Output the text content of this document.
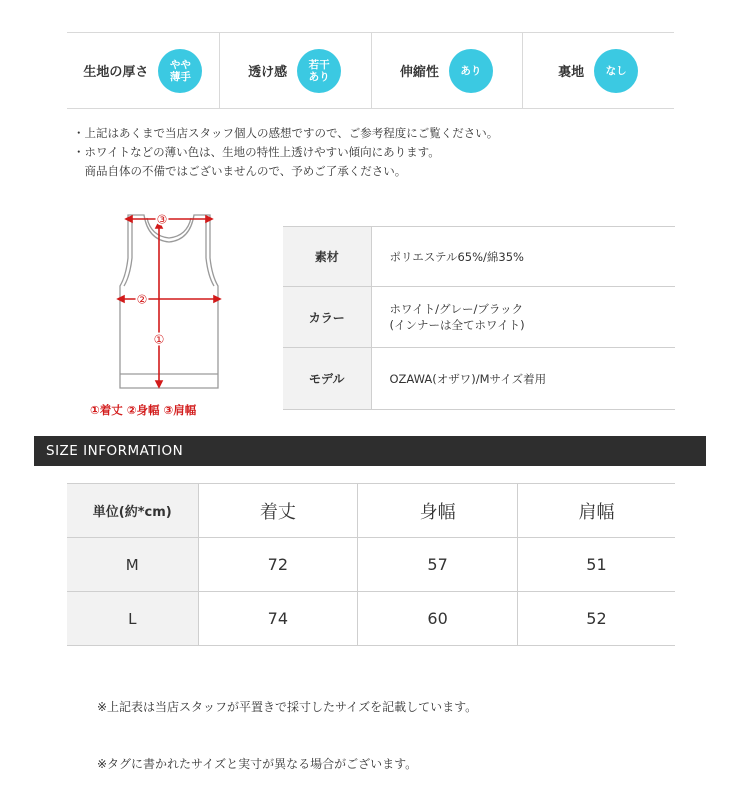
生地の厚さ
やや
薄手	透け感
若干
あり	伸縮性	あり	裏地	なし
・上記はあくまで当店スタッフ個人の感想ですので、ご参考程度にご覧ください。
・ホワイトなどの薄い色は、生地の特性上透けやすい傾向にあります。
　商品自体の不備ではございませんので、予めご了承ください。
③
②
①
①着丈 ②身幅 ③肩幅
素材	ポリエステル65%/綿35%
カラー	ホワイト/グレー/ブラック
(インナーは全てホワイト)

モデル	OZAWA(オザワ)/Mサイズ着用
SIZE INFORMATION
単位(約*cm)	着丈	身幅	肩幅
M	72	57	51
L	74	60	52

※上記表は当店スタッフが平置きで採寸したサイズを記載しています。

※タグに書かれたサイズと実寸が異なる場合がございます。
